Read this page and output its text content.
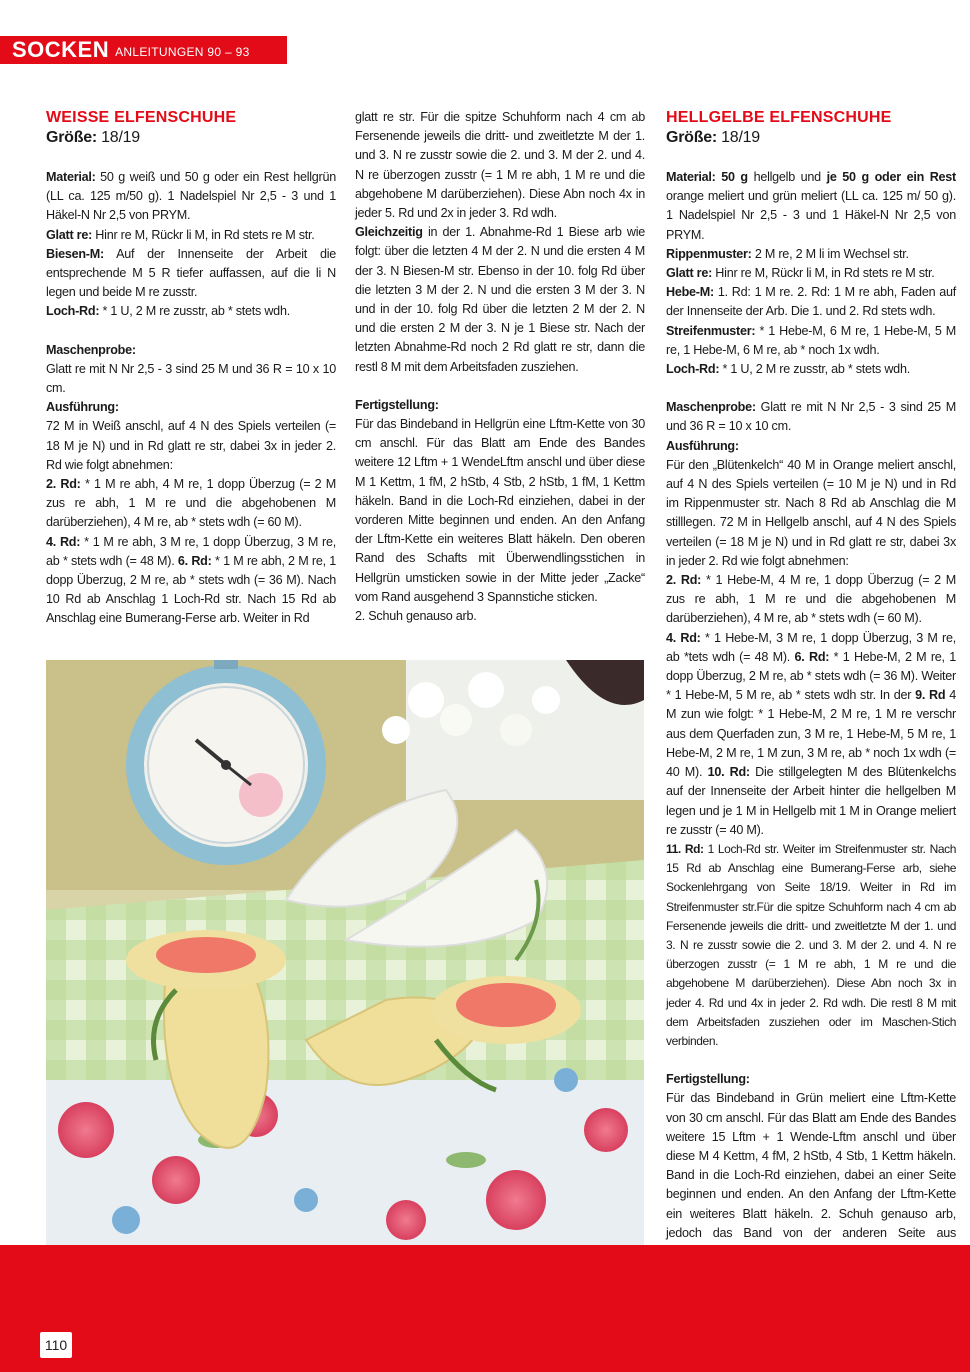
SOCKEN ANLEITUNGEN 90 – 93
WEISSE ELFENSCHUHE
Größe: 18/19

Material: 50 g weiß und 50 g oder ein Rest hellgrün (LL ca. 125 m/50 g). 1 Nadelspiel Nr 2,5 - 3 und 1 Häkel-N Nr 2,5 von PRYM.

Glatt re: Hinr re M, Rückr li M, in Rd stets re M str.

Biesen-M: Auf der Innenseite der Arbeit die entsprechende M 5 R tiefer auffassen, auf die li N legen und beide M re zusstr.

Loch-Rd: * 1 U, 2 M re zusstr, ab * stets wdh.

Maschenprobe:

Glatt re mit N Nr 2,5 - 3 sind 25 M und 36 R = 10 x 10 cm.

Ausführung:

72 M in Weiß anschl, auf 4 N des Spiels verteilen (= 18 M je N) und in Rd glatt re str, dabei 3x in jeder 2. Rd wie folgt abnehmen:

2. Rd: * 1 M re abh, 4 M re, 1 dopp Überzug (= 2 M zus re abh, 1 M re und die abgehobenen M darüberziehen), 4 M re, ab * stets wdh (= 60 M).

4. Rd: * 1 M re abh, 3 M re, 1 dopp Überzug, 3 M re, ab * stets wdh (= 48 M). 6. Rd: * 1 M re abh, 2 M re, 1 dopp Überzug, 2 M re, ab * stets wdh (= 36 M). Nach 10 Rd ab Anschlag 1 Loch-Rd str. Nach 15 Rd ab Anschlag eine Bumerang-Ferse arb. Weiter in Rd

glatt re str. Für die spitze Schuhform nach 4 cm ab Fersenende jeweils die dritt- und zweitletzte M der 1. und 3. N re zusstr sowie die 2. und 3. M der 2. und 4. N re überzogen zusstr (= 1 M re abh, 1 M re und die abgehobene M darüberziehen). Diese Abn noch 4x in jeder 5. Rd und 2x in jeder 3. Rd wdh.

Gleichzeitig in der 1. Abnahme-Rd 1 Biese arb wie folgt: über die letzten 4 M der 2. N und die ersten 4 M der 3. N Biesen-M str. Ebenso in der 10. folg Rd über die letzten 3 M der 2. N und die ersten 3 M der 3. N und in der 10. folg Rd über die letzten 2 M der 2. N und die ersten 2 M der 3. N je 1 Biese str. Nach der letzten Abnahme-Rd noch 2 Rd glatt re str, dann die restl 8 M mit dem Arbeitsfaden zusziehen.

Fertigstellung:

Für das Bindeband in Hellgrün eine Lftm-Kette von 30 cm anschl. Für das Blatt am Ende des Bandes weitere 12 Lftm + 1 WendeLftm anschl und über diese M 1 Kettm, 1 fM, 2 hStb, 4 Stb, 2 hStb, 1 fM, 1 Kettm häkeln. Band in die Loch-Rd einziehen, dabei in der vorderen Mitte beginnen und enden. An den Anfang der Lftm-Kette ein weiteres Blatt häkeln. Den oberen Rand des Schafts mit Überwendlingsstichen in Hellgrün umsticken sowie in der Mitte jeder „Zacke“ vom Rand ausgehend 3 Spannstiche sticken.

2. Schuh genauso arb.

HELLGELBE ELFENSCHUHE
Größe: 18/19

Material: 50 g hellgelb und je 50 g oder ein Rest orange meliert und grün meliert (LL ca. 125 m/ 50 g). 1 Nadelspiel Nr 2,5 - 3 und 1 Häkel-N Nr 2,5 von PRYM.

Rippenmuster: 2 M re, 2 M li im Wechsel str.

Glatt re: Hinr re M, Rückr li M, in Rd stets re M str.

Hebe-M: 1. Rd: 1 M re. 2. Rd: 1 M re abh, Faden auf der Innenseite der Arb. Die 1. und 2. Rd stets wdh.

Streifenmuster: * 1 Hebe-M, 6 M re, 1 Hebe-M, 5 M re, 1 Hebe-M, 6 M re, ab * noch 1x wdh.

Loch-Rd: * 1 U, 2 M re zusstr, ab * stets wdh.

Maschenprobe: Glatt re mit N Nr 2,5 - 3 sind 25 M und 36 R = 10 x 10 cm.

Ausführung:

Für den „Blütenkelch“ 40 M in Orange meliert anschl, auf 4 N des Spiels verteilen (= 10 M je N) und in Rd im Rippenmuster str. Nach 8 Rd ab Anschlag die M stilllegen. 72 M in Hellgelb anschl, auf 4 N des Spiels verteilen (= 18 M je N) und in Rd glatt re str, dabei 3x in jeder 2. Rd wie folgt abnehmen:

2. Rd: * 1 Hebe-M, 4 M re, 1 dopp Überzug (= 2 M zus re abh, 1 M re und die abgehobenen M darüberziehen), 4 M re, ab * stets wdh (= 60 M).

4. Rd: * 1 Hebe-M, 3 M re, 1 dopp Überzug, 3 M re, ab *tets wdh (= 48 M). 6. Rd: * 1 Hebe-M, 2 M re, 1 dopp Überzug, 2 M re, ab * stets wdh (= 36 M). Weiter * 1 Hebe-M, 5 M re, ab * stets wdh str. In der 9. Rd 4 M zun wie folgt: * 1 Hebe-M, 2 M re, 1 M re verschr aus dem Querfaden zun, 3 M re, 1 Hebe-M, 5 M re, 1 Hebe-M, 2 M re, 1 M zun, 3 M re, ab * noch 1x wdh (= 40 M). 10. Rd: Die stillgelegten M des Blütenkelchs auf der Innenseite der Arbeit hinter die hellgelben M legen und je 1 M in Hellgelb mit 1 M in Orange meliert re zusstr (= 40 M).

11. Rd: 1 Loch-Rd str. Weiter im Streifenmuster str. Nach 15 Rd ab Anschlag eine Bumerang-Ferse arb, siehe Sockenlehrgang von Seite 18/19. Weiter in Rd im Streifenmuster str.Für die spitze Schuhform nach 4 cm ab Fersenende jeweils die dritt- und zweitletzte M der 1. und 3. N re zusstr sowie die 2. und 3. M der 2. und 4. N re überzogen zusstr (= 1 M re abh, 1 M re und die abgehobene M darüberziehen). Diese Abn noch 3x in jeder 4. Rd und 4x in jeder 2. Rd wdh. Die restl 8 M mit dem Arbeitsfaden zusziehen oder im Maschen-Stich verbinden.

Fertigstellung:

Für das Bindeband in Grün meliert eine Lftm-Kette von 30 cm anschl. Für das Blatt am Ende des Bandes weitere 15 Lftm + 1 Wende-Lftm anschl und über diese M 4 Kettm, 4 fM, 2 hStb, 4 Stb, 1 Kettm häkeln. Band in die Loch-Rd einziehen, dabei an einer Seite beginnen und enden. An den Anfang der Lftm-Kette ein weiteres Blatt häkeln. 2. Schuh genauso arb, jedoch das Band von der anderen Seite aus

110
